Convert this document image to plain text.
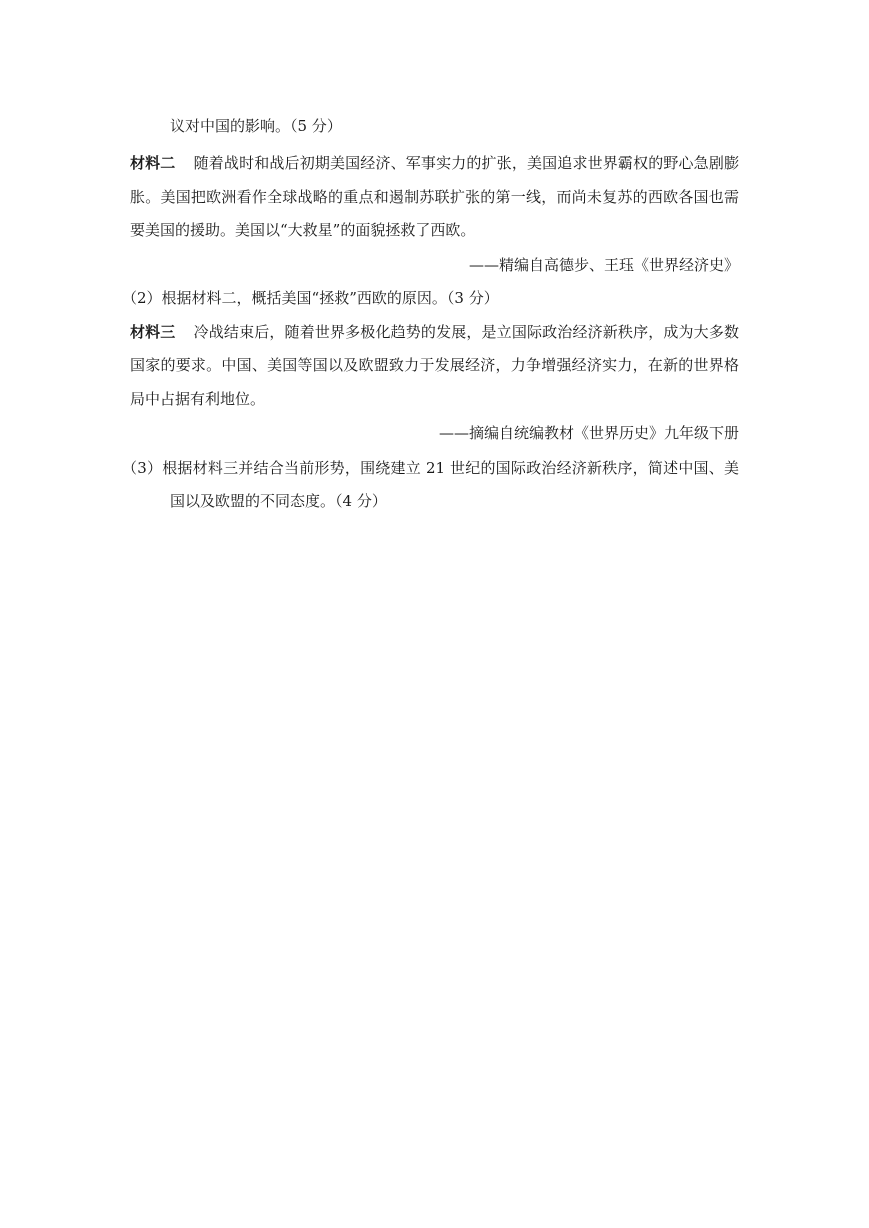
议对中国的影响。（5 分）
材料二 随着战时和战后初期美国经济、军事实力的扩张，美国追求世界霸权的野心急剧膨
胀。美国把欧洲看作全球战略的重点和遏制苏联扩张的第一线，而尚未复苏的西欧各国也需
要美国的援助。美国以“大救星”的面貌拯救了西欧。
——精编自高德步、王珏《世界经济史》
（2）根据材料二，概括美国“拯救”西欧的原因。（3 分）
材料三 冷战结束后，随着世界多极化趋势的发展，是立国际政治经济新秩序，成为大多数
国家的要求。中国、美国等国以及欧盟致力于发展经济，力争增强经济实力，在新的世界格
局中占据有利地位。
——摘编自统编教材《世界历史》九年级下册
（3）根据材料三并结合当前形势，围绕建立 21 世纪的国际政治经济新秩序，简述中国、美
国以及欧盟的不同态度。（4 分）
